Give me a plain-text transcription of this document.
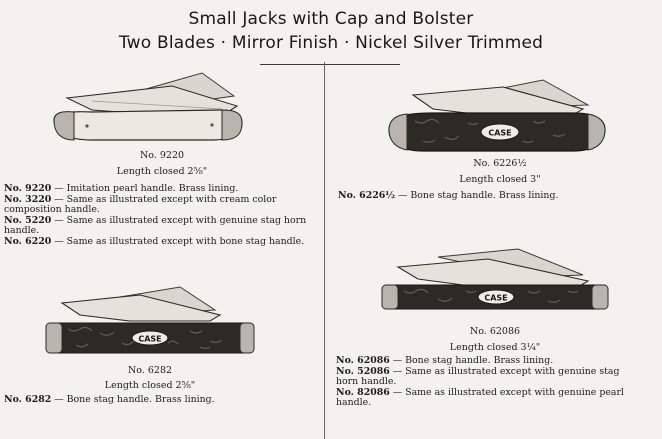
Small Jacks with Cap and Bolster
Two Blades · Mirror Finish · Nickel Silver Trimmed
No. 9220
Length closed 2⅝"
No. 9220 — Imitation pearl handle. Brass lining.
No. 3220 — Same as illustrated except with cream color composition handle.
No. 5220 — Same as illustrated except with genuine stag horn handle.
No. 6220 — Same as illustrated except with bone stag handle.
CASE
No. 6282
Length closed 2⅝"
No. 6282 — Bone stag handle. Brass lining.
CASE
No. 6226½
Length closed 3"
No. 6226½ — Bone stag handle. Brass lining.
CASE
No. 62086
Length closed 3¼"
No. 62086 — Bone stag handle. Brass lining.
No. 52086 — Same as illustrated except with genuine stag horn handle.
No. 82086 — Same as illustrated except with genuine pearl handle.
